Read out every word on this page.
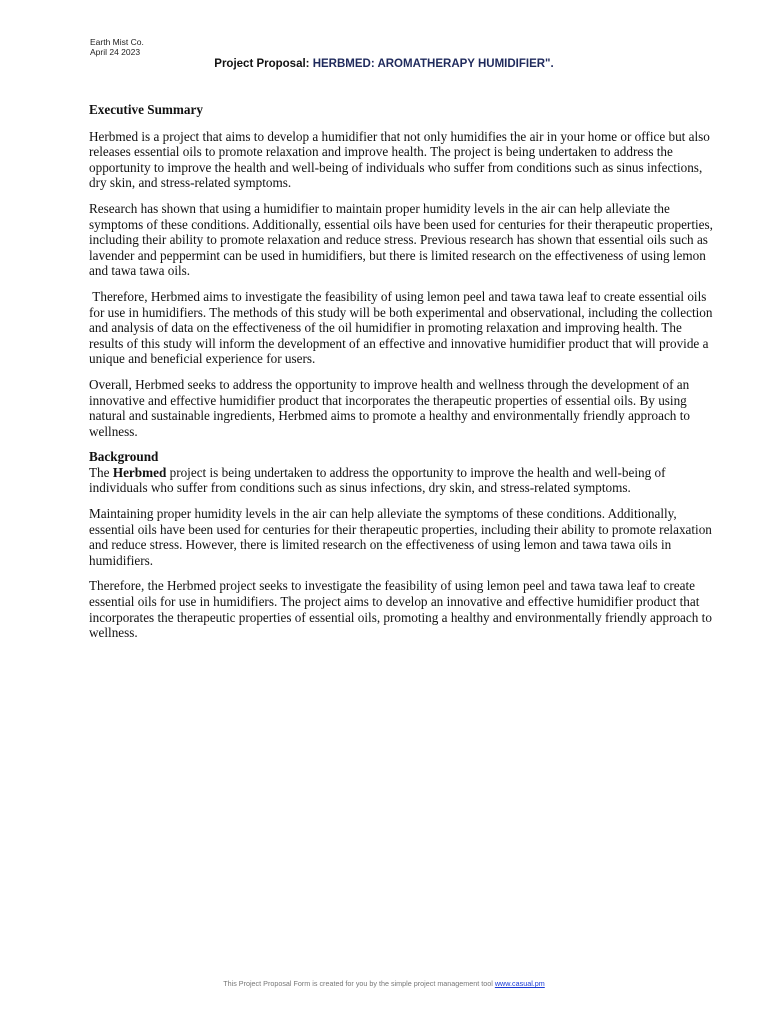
Earth Mist Co.
April 24 2023
Project Proposal: HERBMED: AROMATHERAPY HUMIDIFIER".

Executive Summary

Herbmed is a project that aims to develop a humidifier that not only humidifies the air in your home or office but also releases essential oils to promote relaxation and improve health. The project is being undertaken to address the opportunity to improve the health and well-being of individuals who suffer from conditions such as sinus infections, dry skin, and stress-related symptoms.

Research has shown that using a humidifier to maintain proper humidity levels in the air can help alleviate the symptoms of these conditions. Additionally, essential oils have been used for centuries for their therapeutic properties, including their ability to promote relaxation and reduce stress. Previous research has shown that essential oils such as lavender and peppermint can be used in humidifiers, but there is limited research on the effectiveness of using lemon and tawa tawa oils.

Therefore, Herbmed aims to investigate the feasibility of using lemon peel and tawa tawa leaf to create essential oils for use in humidifiers. The methods of this study will be both experimental and observational, including the collection and analysis of data on the effectiveness of the oil humidifier in promoting relaxation and improving health. The results of this study will inform the development of an effective and innovative humidifier product that will provide a unique and beneficial experience for users.

Overall, Herbmed seeks to address the opportunity to improve health and wellness through the development of an innovative and effective humidifier product that incorporates the therapeutic properties of essential oils. By using natural and sustainable ingredients, Herbmed aims to promote a healthy and environmentally friendly approach to wellness.

Background

The Herbmed project is being undertaken to address the opportunity to improve the health and well-being of individuals who suffer from conditions such as sinus infections, dry skin, and stress-related symptoms.

Maintaining proper humidity levels in the air can help alleviate the symptoms of these conditions. Additionally, essential oils have been used for centuries for their therapeutic properties, including their ability to promote relaxation and reduce stress. However, there is limited research on the effectiveness of using lemon and tawa tawa oils in humidifiers.

Therefore, the Herbmed project seeks to investigate the feasibility of using lemon peel and tawa tawa leaf to create essential oils for use in humidifiers. The project aims to develop an innovative and effective humidifier product that incorporates the therapeutic properties of essential oils, promoting a healthy and environmentally friendly approach to wellness.

This Project Proposal Form is created for you by the simple project management tool www.casual.pm
